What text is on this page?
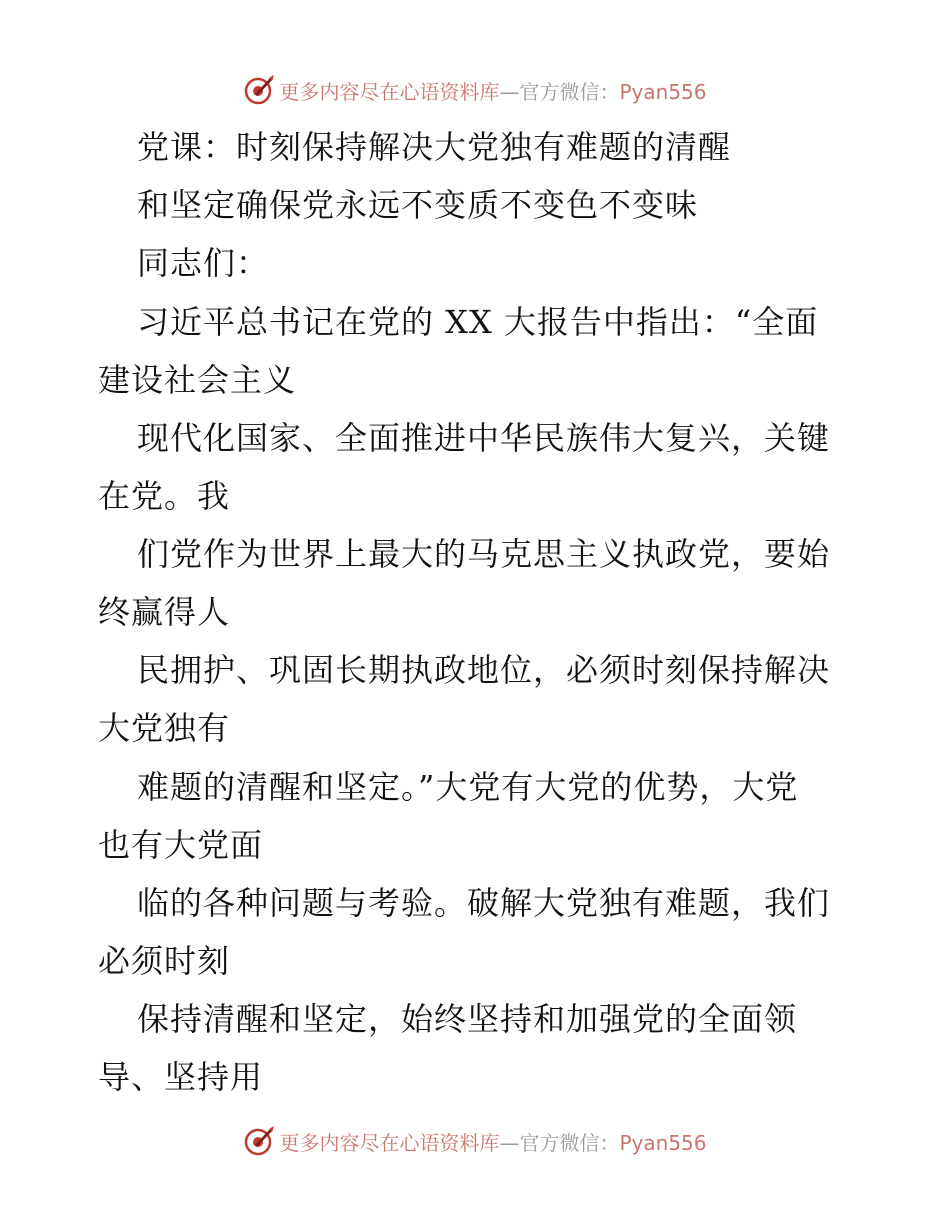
更多内容尽在心语资料库—官方微信：Pyan556
党课：时刻保持解决大党独有难题的清醒
和坚定确保党永远不变质不变色不变味
同志们：
习近平总书记在党的 XX 大报告中指出：“全面
建设社会主义
现代化国家、全面推进中华民族伟大复兴，关键
在党。我
们党作为世界上最大的马克思主义执政党，要始
终赢得人
民拥护、巩固长期执政地位，必须时刻保持解决
大党独有
难题的清醒和坚定。”大党有大党的优势，大党
也有大党面
临的各种问题与考验。破解大党独有难题，我们
必须时刻
保持清醒和坚定，始终坚持和加强党的全面领
导、坚持用
更多内容尽在心语资料库—官方微信：Pyan556
